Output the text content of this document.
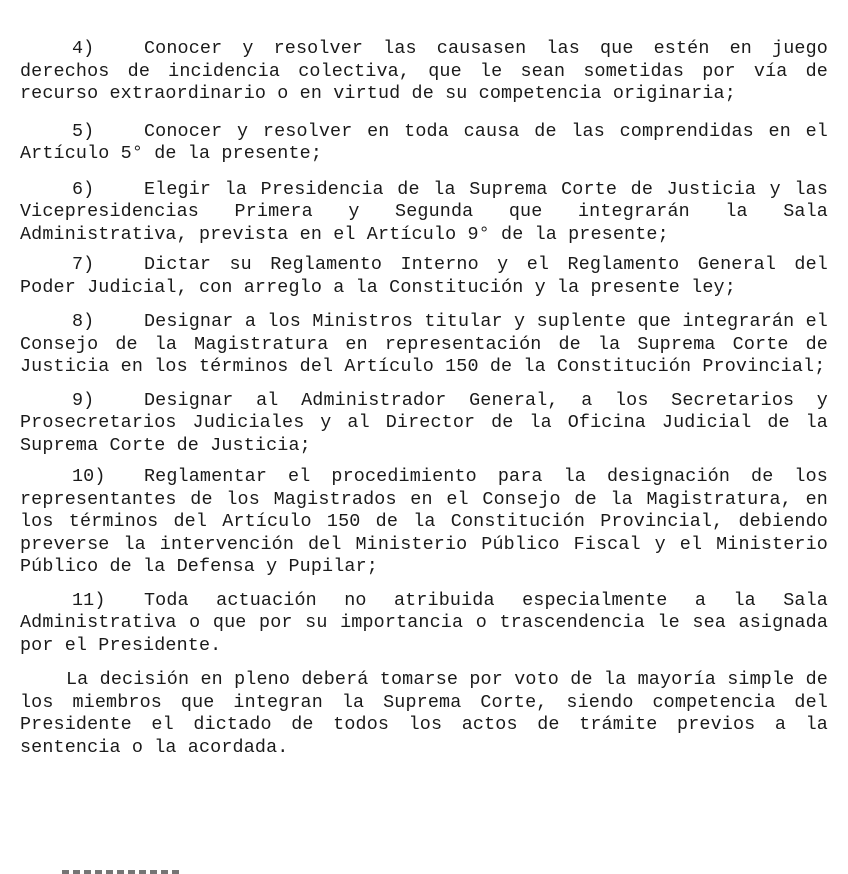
4)	Conocer y resolver las causasen las que estén en juego derechos de incidencia colectiva, que le sean sometidas por vía de recurso extraordinario o en virtud de su competencia originaria;

5)	Conocer y resolver en toda causa de las comprendidas en el Artículo 5° de la presente;

6)	Elegir la Presidencia de la Suprema Corte de Justicia y las Vicepresidencias Primera y Segunda que integrarán la Sala Administrativa, prevista en el Artículo 9° de la presente;

7)	Dictar su Reglamento Interno y el Reglamento General del Poder Judicial, con arreglo a la Constitución y la presente ley;

8)	Designar a los Ministros titular y suplente que integrarán el Consejo de la Magistratura en representación de la Suprema Corte de Justicia en los términos del Artículo 150 de la Constitución Provincial;

9)	Designar al Administrador General, a los Secretarios y Prosecretarios Judiciales y al Director de la Oficina Judicial de la Suprema Corte de Justicia;

10) Reglamentar el procedimiento para la designación de los representantes de los Magistrados en el Consejo de la Magistratura, en los términos del Artículo 150 de la Constitución Provincial, debiendo preverse la intervención del Ministerio Público Fiscal y el Ministerio Público de la Defensa y Pupilar;

11) Toda actuación no atribuida especialmente a la Sala Administrativa o que por su importancia o trascendencia le sea asignada por el Presidente.

La decisión en pleno deberá tomarse por voto de la mayoría simple de los miembros que integran la Suprema Corte, siendo competencia del Presidente el dictado de todos los actos de trámite previos a la sentencia o la acordada.
